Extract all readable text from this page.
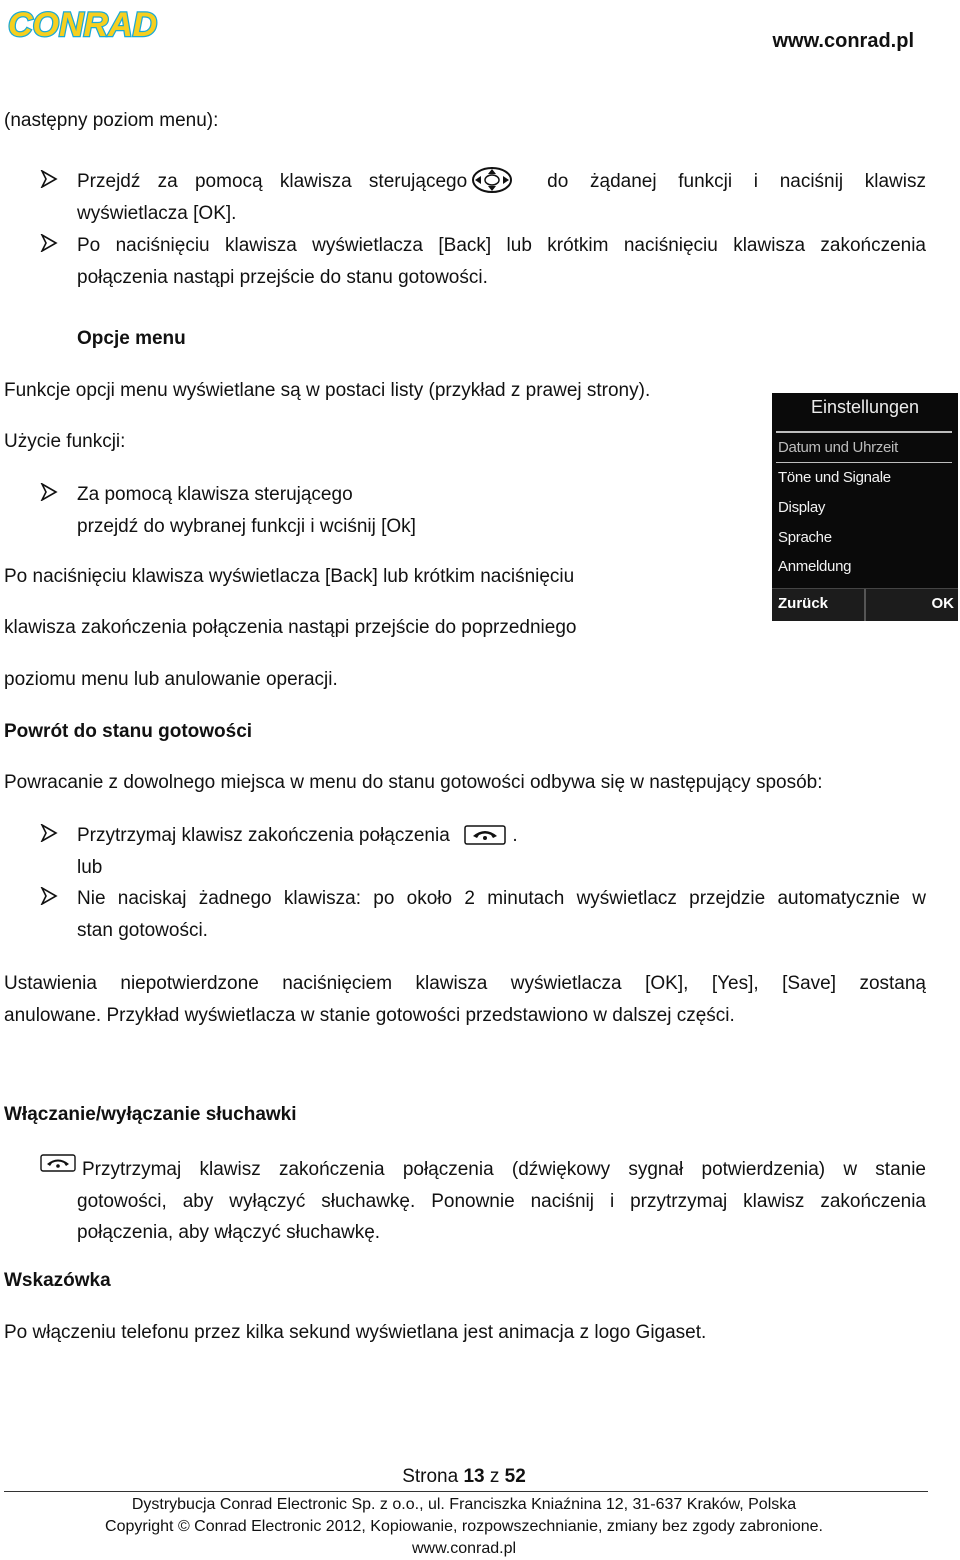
CONRAD	www.conrad.pl
(następny poziom menu):
Przejdź za pomocą klawisza sterującego	do żądanej funkcji i naciśnij klawisz
wyświetlacza [OK].
Po naciśnięciu klawisza wyświetlacza [Back] lub krótkim naciśnięciu klawisza zakończenia
połączenia nastąpi przejście do stanu gotowości.
Opcje menu
Funkcje opcji menu wyświetlane są w postaci listy (przykład z prawej strony).
Użycie funkcji:
Za pomocą klawisza sterującego
przejdź do wybranej funkcji i wciśnij [Ok]
Po naciśnięciu klawisza wyświetlacza [Back] lub krótkim naciśnięciu
klawisza zakończenia połączenia nastąpi przejście do poprzedniego
poziomu menu lub anulowanie operacji.
Einstellungen
Datum und Uhrzeit
Töne und Signale
Display
Sprache
Anmeldung
Zurück	OK
Powrót do stanu gotowości
Powracanie z dowolnego miejsca w menu do stanu gotowości odbywa się w następujący sposób:
Przytrzymaj klawisz zakończenia połączenia	.
lub
Nie naciskaj żadnego klawisza: po około 2 minutach wyświetlacz przejdzie automatycznie w
stan gotowości.
Ustawienia niepotwierdzone naciśnięciem klawisza wyświetlacza [OK], [Yes], [Save] zostaną
anulowane. Przykład wyświetlacza w stanie gotowości przedstawiono w dalszej części.
Włączanie/wyłączanie słuchawki
Przytrzymaj klawisz zakończenia połączenia (dźwiękowy sygnał potwierdzenia) w stanie
gotowości, aby wyłączyć słuchawkę. Ponownie naciśnij i przytrzymaj klawisz zakończenia
połączenia, aby włączyć słuchawkę.
Wskazówka
Po włączeniu telefonu przez kilka sekund wyświetlana jest animacja z logo Gigaset.
Strona 13 z 52
Dystrybucja Conrad Electronic Sp. z o.o., ul. Franciszka Kniaźnina 12, 31-637 Kraków, Polska
Copyright © Conrad Electronic 2012, Kopiowanie, rozpowszechnianie, zmiany bez zgody zabronione.
www.conrad.pl
